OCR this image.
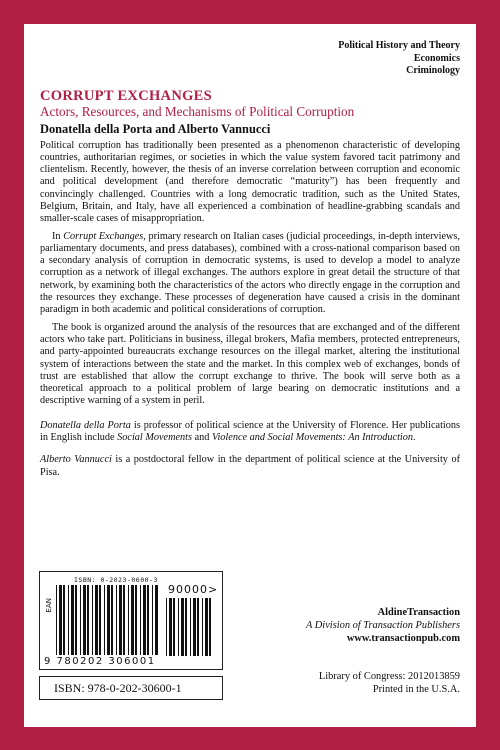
Political History and Theory
Economics
Criminology
CORRUPT EXCHANGES
Actors, Resources, and Mechanisms of Political Corruption
Donatella della Porta and Alberto Vannucci

Political corruption has traditionally been presented as a phenomenon characteristic of developing countries, authoritarian regimes, or societies in which the value system favored tacit patrimony and clientelism. Recently, however, the thesis of an inverse correlation between corruption and economic and political development (and therefore democratic “maturity”) has been frequently and convincingly challenged. Countries with a long democratic tradition, such as the United States, Belgium, Britain, and Italy, have all experienced a combination of headline-grabbing scandals and smaller-scale cases of misappropriation.

In Corrupt Exchanges, primary research on Italian cases (judicial proceedings, in-depth interviews, parliamentary documents, and press databases), combined with a cross-national comparison based on a secondary analysis of corruption in democratic systems, is used to develop a model to analyze corruption as a network of illegal exchanges. The authors explore in great detail the structure of that network, by examining both the characteristics of the actors who directly engage in the corruption and the resources they exchange. These processes of degeneration have caused a crisis in the dominant paradigm in both academic and political considerations of corruption.

The book is organized around the analysis of the resources that are exchanged and of the different actors who take part. Politicians in business, illegal brokers, Mafia members, protected entrepreneurs, and party-appointed bureaucrats exchange resources on the illegal market, altering the institutional system of interactions between the state and the market. In this complex web of exchanges, bonds of trust are established that allow the corrupt exchange to thrive. The book will serve both as a theoretical approach to a political problem of large bearing on democratic institutions and a descriptive warning of a system in peril.

Donatella della Porta is professor of political science at the University of Florence. Her publications in English include Social Movements and Violence and Social Movements: An Introduction.

Alberto Vannucci is a postdoctoral fellow in the department of political science at the University of Pisa.

ISBN: 0-2023-0600-3
EAN
90000>
9 780202 306001
ISBN: 978-0-202-30600-1
AldineTransaction
A Division of Transaction Publishers
www.transactionpub.com
Library of Congress: 2012013859
Printed in the U.S.A.
